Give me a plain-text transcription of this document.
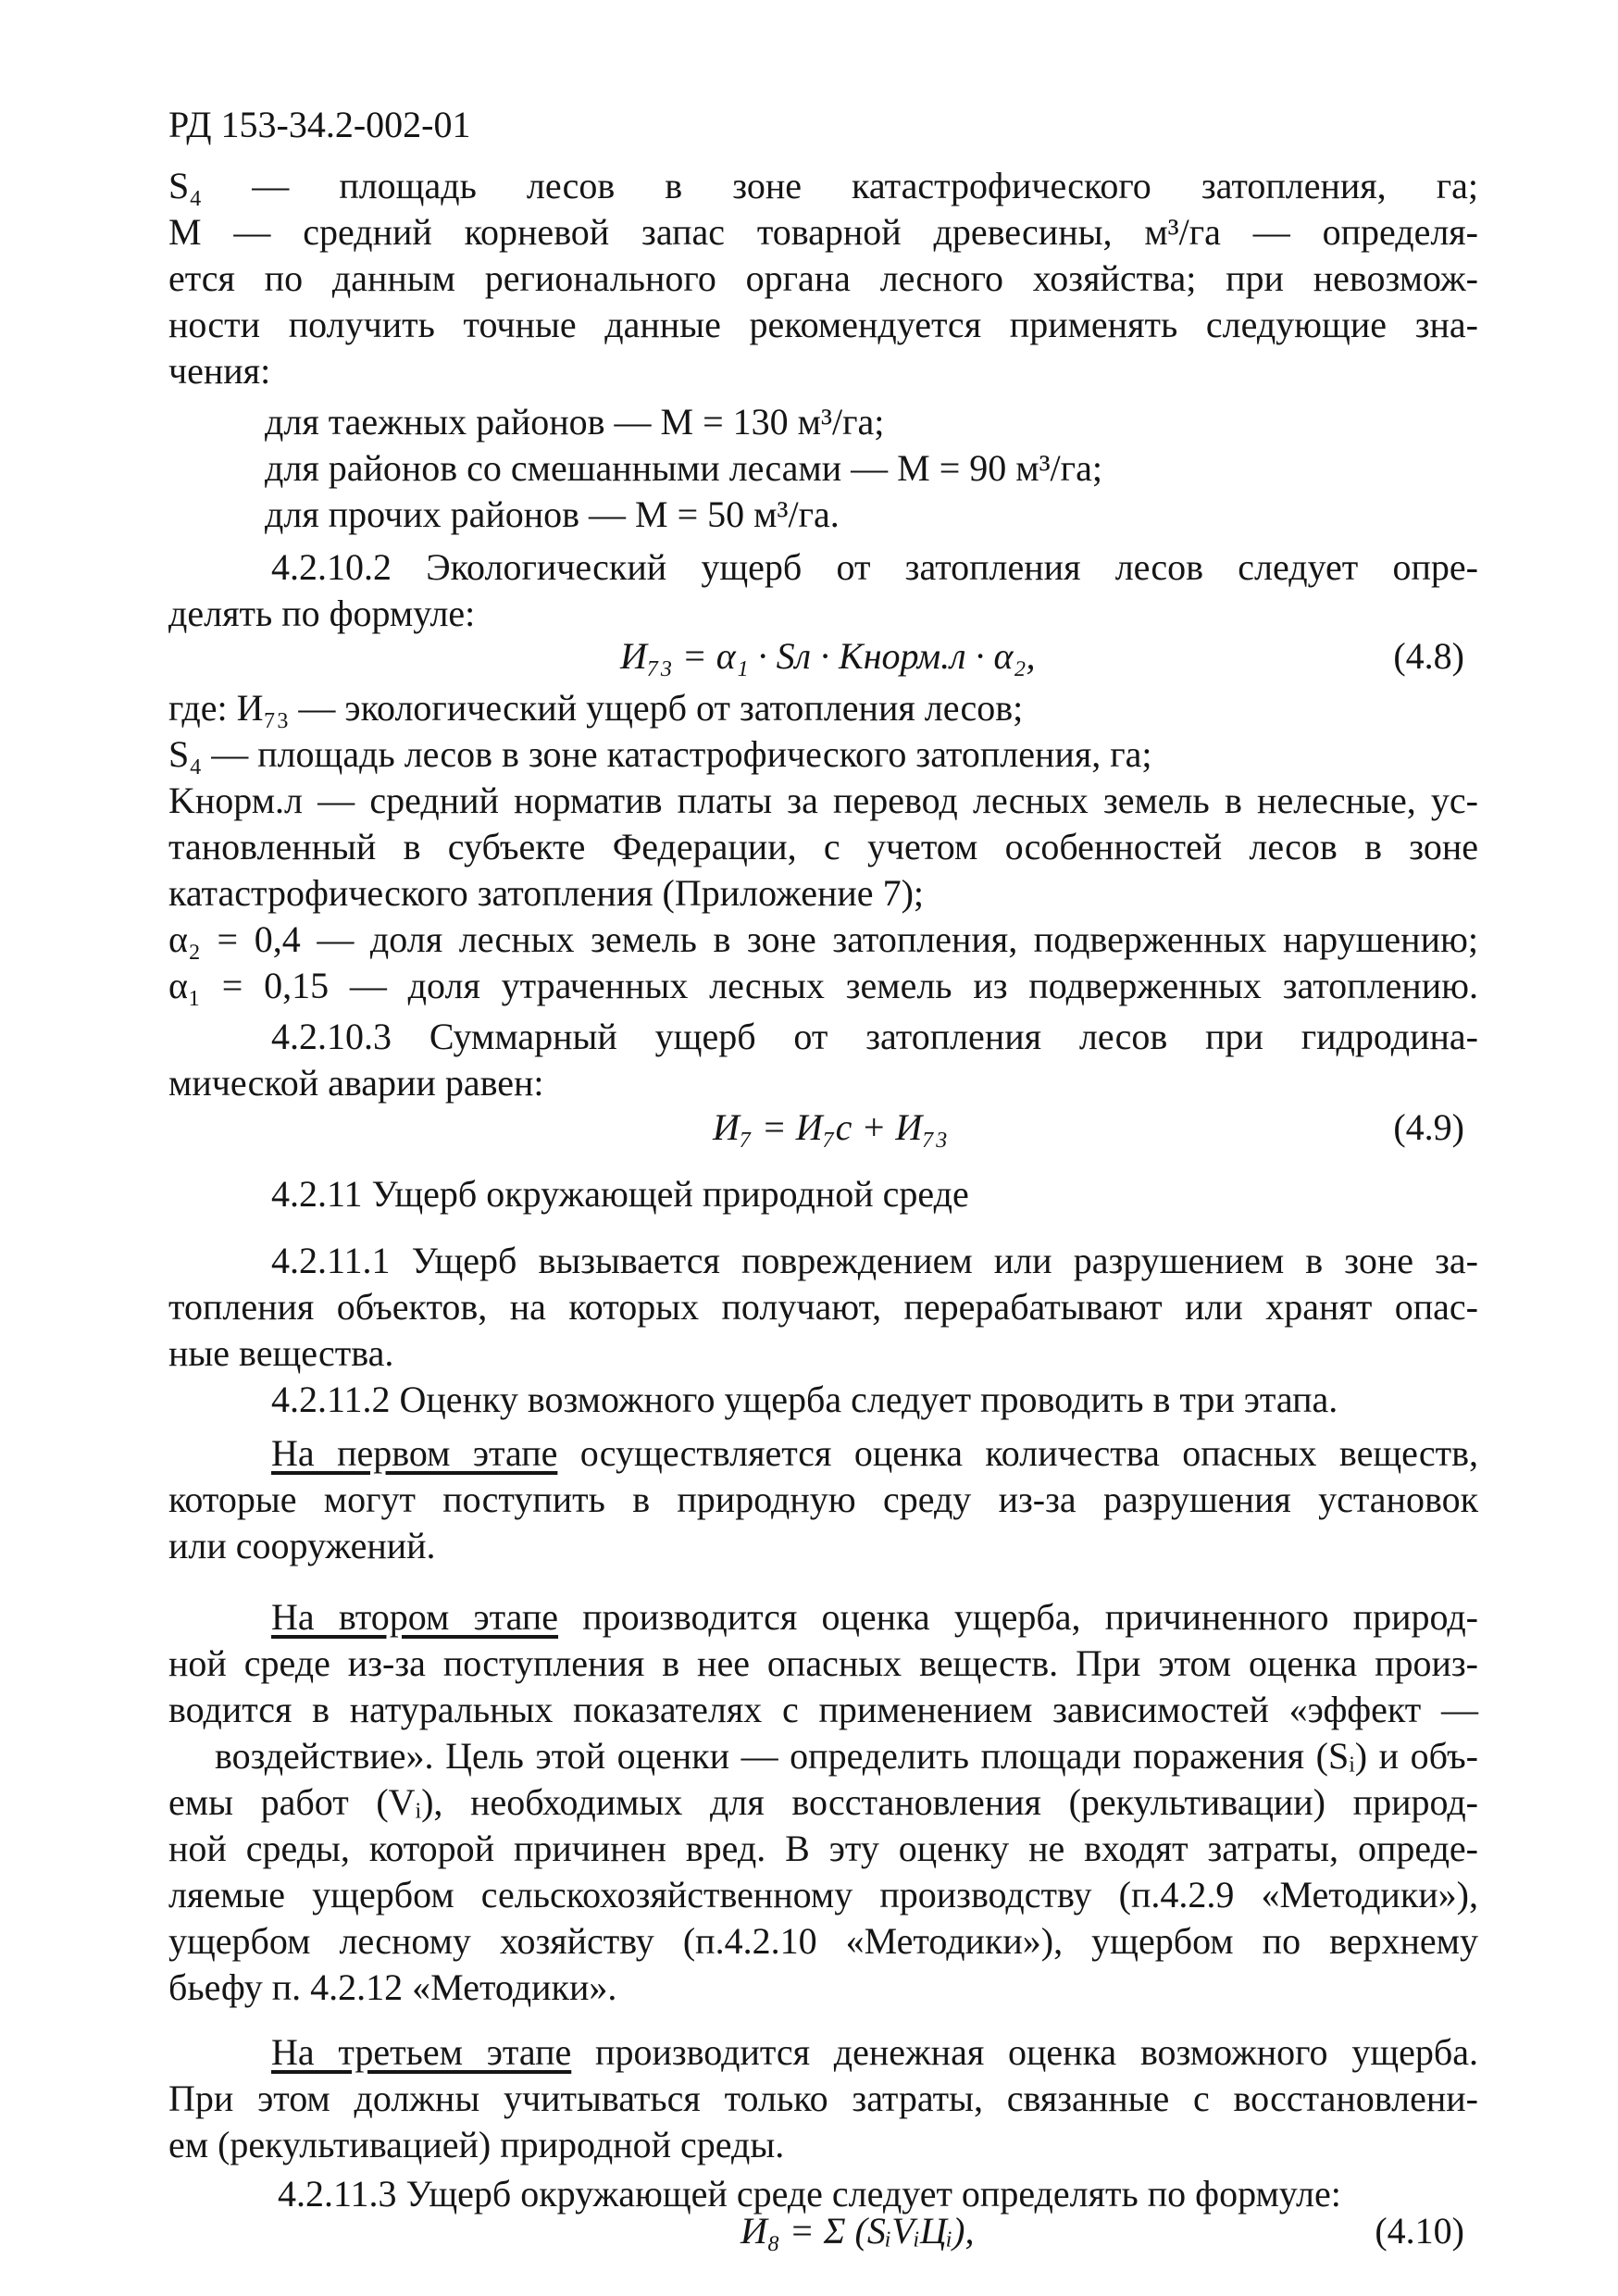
РД 153-34.2-002-01
S₄ — площадь лесов в зоне катастрофического затопления, га;
М — средний корневой запас товарной древесины, м³/га — определя-
ется по данным регионального органа лесного хозяйства; при невозмож-
ности получить точные данные рекомендуется применять следующие зна-
чения:
для таежных районов — М = 130 м³/га;
для районов со смешанными лесами — М = 90 м³/га;
для прочих районов — М = 50 м³/га.
4.2.10.2 Экологический ущерб от затопления лесов следует опре-
делять по формуле:
И₇₃ = α₁ · Sл · Kнорм.л · α₂,	(4.8)
где: И₇₃ — экологический ущерб от затопления лесов;
S₄ — площадь лесов в зоне катастрофического затопления, га;
Kнорм.л — средний норматив платы за перевод лесных земель в нелесные, ус-
тановленный в субъекте Федерации, с учетом особенностей лесов в зоне
катастрофического затопления (Приложение 7);
α₂ = 0,4 — доля лесных земель в зоне затопления, подверженных нарушению;
α₁ = 0,15 — доля утраченных лесных земель из подверженных затоплению.
4.2.10.3 Суммарный ущерб от затопления лесов при гидродина-
мической аварии равен:
И₇ = И₇с + И₇₃	(4.9)
4.2.11 Ущерб окружающей природной среде
4.2.11.1 Ущерб вызывается повреждением или разрушением в зоне за-
топления объектов, на которых получают, перерабатывают или хранят опас-
ные вещества.
4.2.11.2 Оценку возможного ущерба следует проводить в три этапа.
На первом этапе осуществляется оценка количества опасных веществ,
которые могут поступить в природную среду из-за разрушения установок
или сооружений.
На втором этапе производится оценка ущерба, причиненного природ-
ной среде из-за поступления в нее опасных веществ. При этом оценка произ-
водится в натуральных показателях с применением зависимостей «эффект —
воздействие». Цель этой оценки — определить площади поражения (Sᵢ) и объ-
емы работ (Vᵢ), необходимых для восстановления (рекультивации) природ-
ной среды, которой причинен вред. В эту оценку не входят затраты, опреде-
ляемые ущербом сельскохозяйственному производству (п.4.2.9 «Методики»),
ущербом лесному хозяйству (п.4.2.10 «Методики»), ущербом по верхнему
бьефу п. 4.2.12 «Методики».
На третьем этапе производится денежная оценка возможного ущерба.
При этом должны учитываться только затраты, связанные с восстановлени-
ем (рекультивацией) природной среды.
4.2.11.3 Ущерб окружающей среде следует определять по формуле:
И₈ = Σ (SᵢVᵢЦᵢ),	(4.10)
